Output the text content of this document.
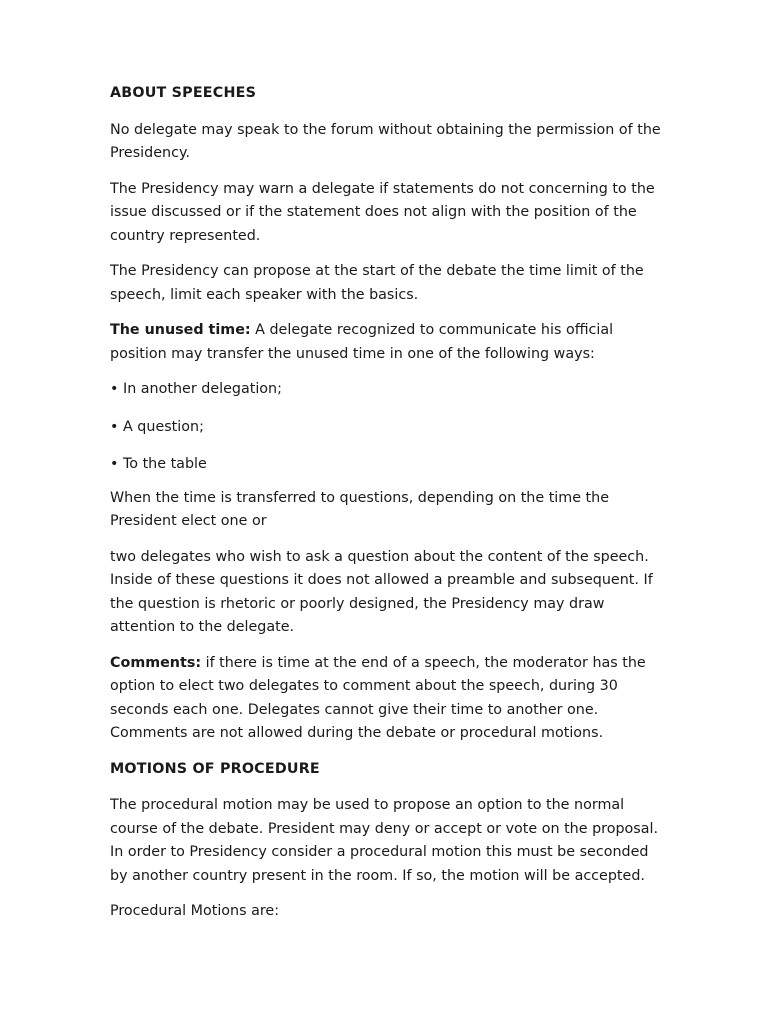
ABOUT SPEECHES

No delegate may speak to the forum without obtaining the permission of the Presidency.

The Presidency may warn a delegate if statements do not concerning to the issue discussed or if the statement does not align with the position of the country represented.

The Presidency can propose at the start of the debate the time limit of the speech, limit each speaker with the basics.

The unused time: A delegate recognized to communicate his official position may transfer the unused time in one of the following ways:

• In another delegation;

• A question;

• To the table

When the time is transferred to questions, depending on the time the President elect one or

two delegates who wish to ask a question about the content of the speech. Inside of these questions it does not allowed a preamble and subsequent. If the question is rhetoric or poorly designed, the Presidency may draw attention to the delegate.

Comments: if there is time at the end of a speech, the moderator has the option to elect two delegates to comment about the speech, during 30 seconds each one. Delegates cannot give their time to another one. Comments are not allowed during the debate or procedural motions.

MOTIONS OF PROCEDURE

The procedural motion may be used to propose an option to the normal course of the debate. President may deny or accept or vote on the proposal. In order to Presidency consider a procedural motion this must be seconded by another country present in the room. If so, the motion will be accepted.

Procedural Motions are:
